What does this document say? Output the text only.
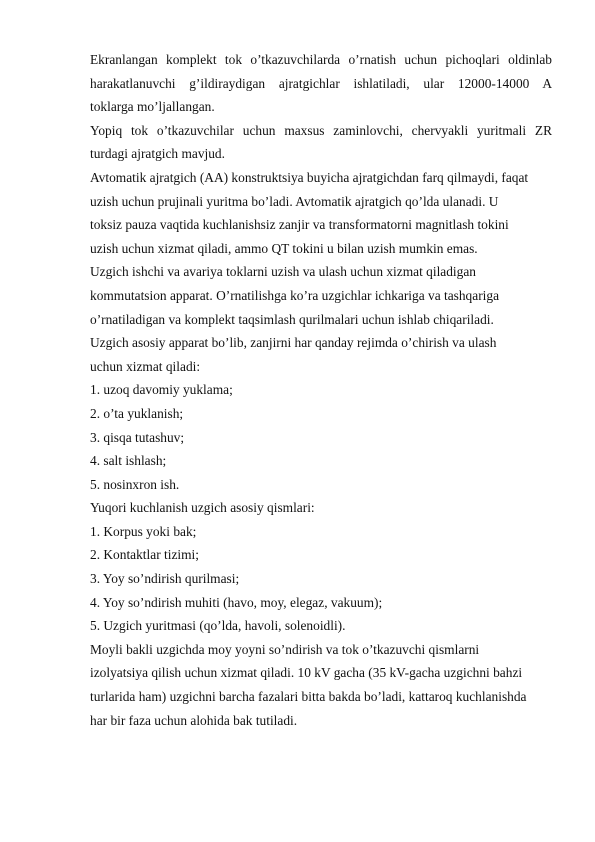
Ekranlangan komplekt tok o’tkazuvchilarda o’rnatish uchun pichoqlari oldinlab
harakatlanuvchi g’ildiraydigan ajratgichlar ishlatiladi, ular 12000-14000 A
toklarga mo’ljallangan.
Yopiq tok o’tkazuvchilar uchun maxsus zaminlovchi, chervyakli yuritmali ZR
turdagi ajratgich mavjud.
Avtomatik ajratgich (AA) konstruktsiya buyicha ajratgichdan farq qilmaydi, faqat
uzish uchun prujinali yuritma bo’ladi. Avtomatik ajratgich qo’lda ulanadi. U
toksiz pauza vaqtida kuchlanishsiz zanjir va transformatorni magnitlash tokini
uzish uchun xizmat qiladi, ammo QT tokini u bilan uzish mumkin emas.
Uzgich ishchi va avariya toklarni uzish va ulash uchun xizmat qiladigan
kommutatsion apparat. O’rnatilishga ko’ra uzgichlar ichkariga va tashqariga
o’rnatiladigan va komplekt taqsimlash qurilmalari uchun ishlab chiqariladi.
Uzgich asosiy apparat bo’lib, zanjirni har qanday rejimda o’chirish va ulash
uchun xizmat qiladi:
1. uzoq davomiy yuklama;
2. o’ta yuklanish;
3. qisqa tutashuv;
4. salt ishlash;
5. nosinxron ish.
Yuqori kuchlanish uzgich asosiy qismlari:
1. Korpus yoki bak;
2. Kontaktlar tizimi;
3. Yoy so’ndirish qurilmasi;
4. Yoy so’ndirish muhiti (havo, moy, elegaz, vakuum);
5. Uzgich yuritmasi (qo’lda, havoli, solenoidli).
Moyli bakli uzgichda moy yoyni so’ndirish va tok o’tkazuvchi qismlarni
izolyatsiya qilish uchun xizmat qiladi. 10 kV gacha (35 kV-gacha uzgichni bahzi
turlarida ham) uzgichni barcha fazalari bitta bakda bo’ladi, kattaroq kuchlanishda
har bir faza uchun alohida bak tutiladi.
